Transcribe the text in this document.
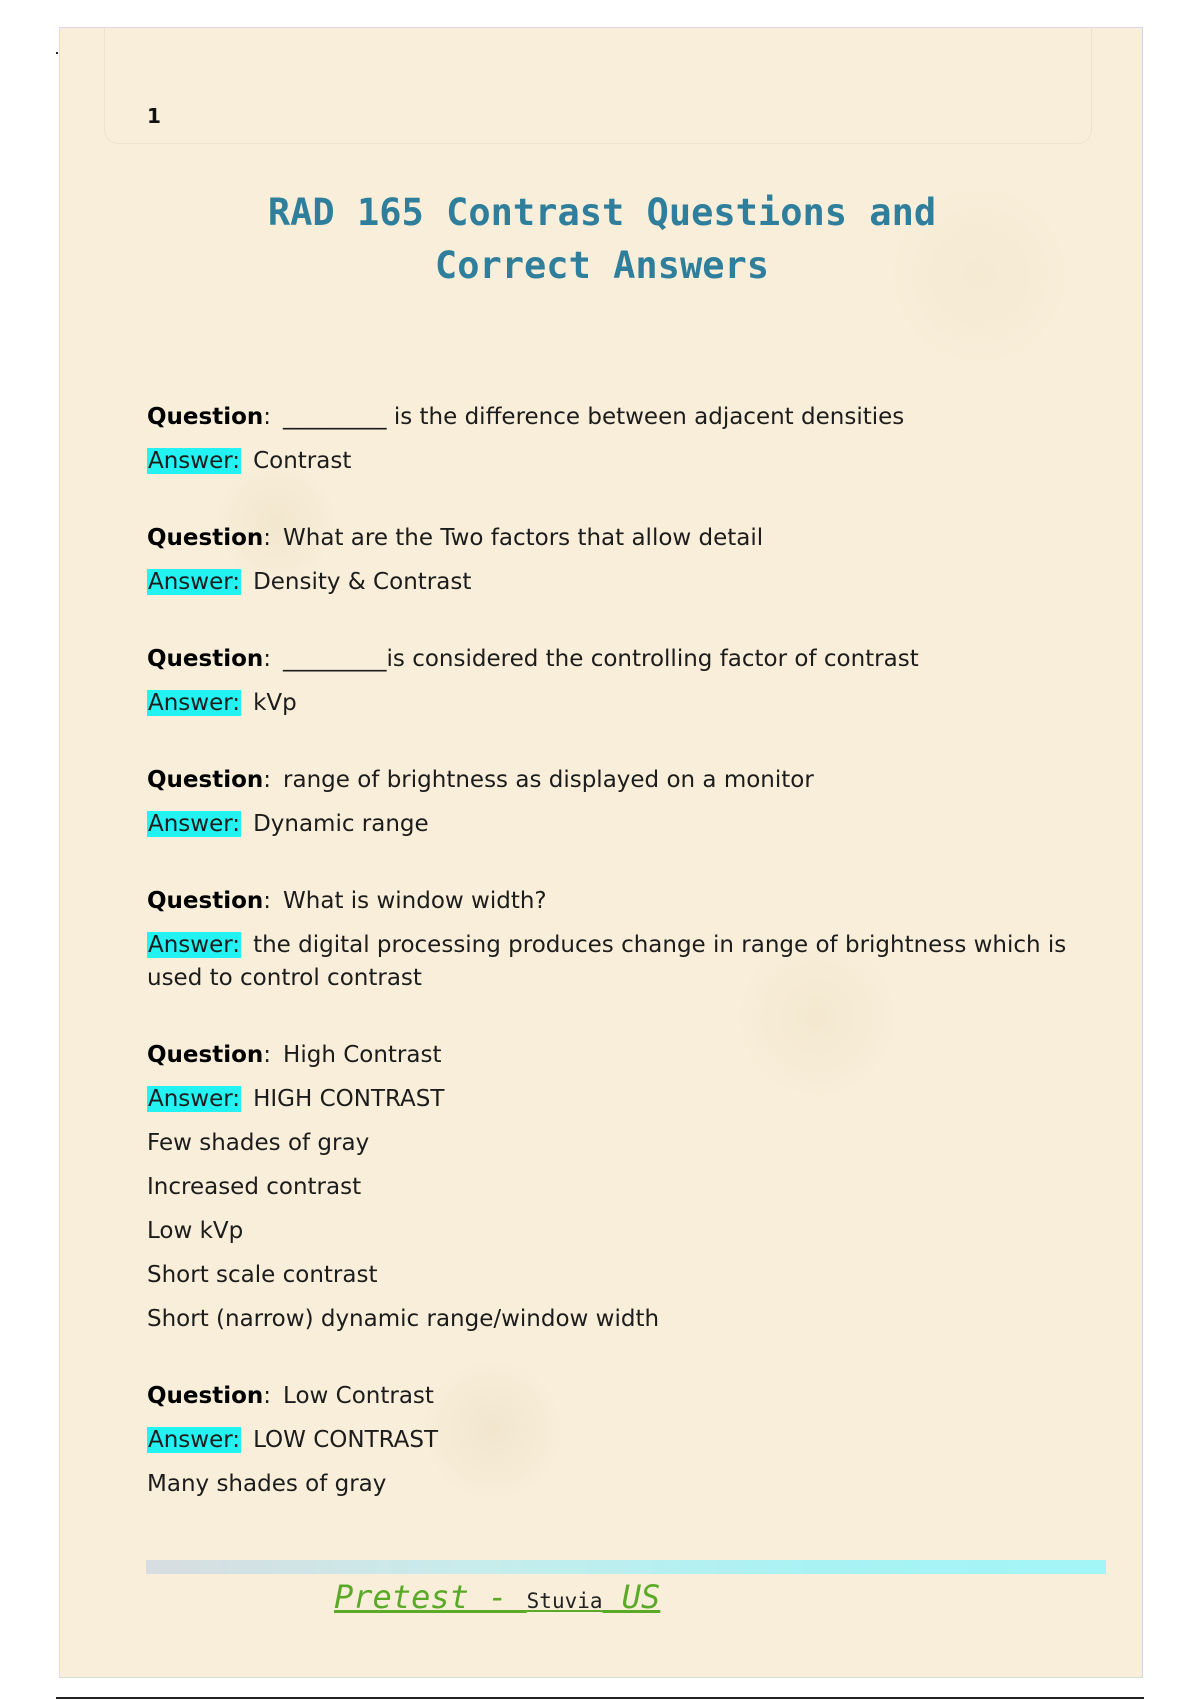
1
RAD 165 Contrast Questions and
Correct Answers
Question: _________ is the difference between adjacent densities
Answer: Contrast
Question: What are the Two factors that allow detail
Answer: Density & Contrast
Question: _________is considered the controlling factor of contrast
Answer: kVp
Question: range of brightness as displayed on a monitor
Answer: Dynamic range
Question: What is window width?
Answer: the digital processing produces change in range of brightness which is used to control contrast
Question: High Contrast
Answer: HIGH CONTRAST
Few shades of gray
Increased contrast
Low kVp
Short scale contrast
Short (narrow) dynamic range/window width
Question: Low Contrast
Answer: LOW CONTRAST
Many shades of gray
Pretest - Stuvia US
